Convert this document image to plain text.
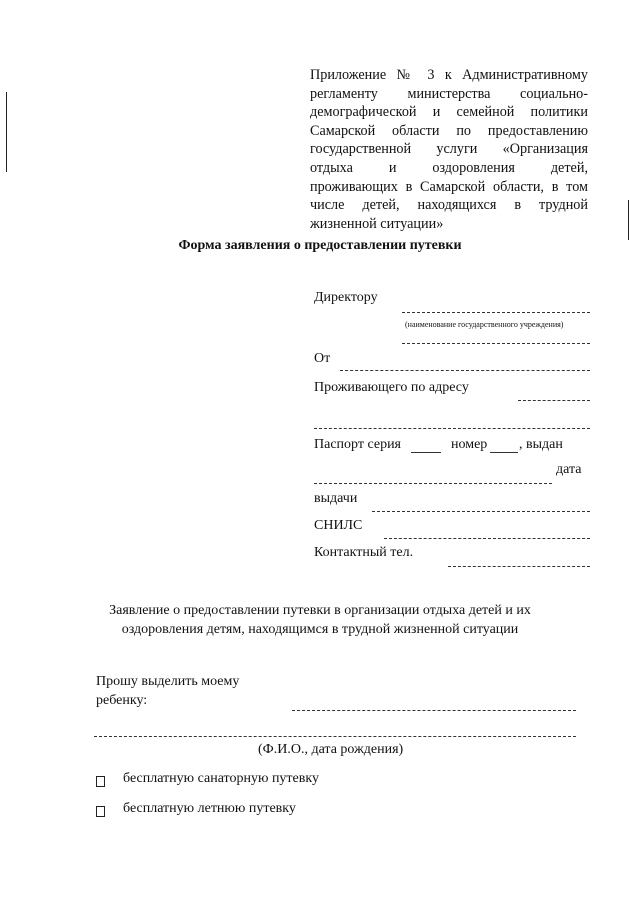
Приложение № 3 к Административному
регламенту министерства социально-
демографической и семейной политики
Самарской области по предоставлению
государственной услуги «Организация
отдыха и оздоровления детей,
проживающих в Самарской области, в том
числе детей, находящихся в трудной
жизненной ситуации»
Форма заявления о предоставлении путевки
Директору
(наименование государственного учреждения)
От
Проживающего по адресу
Паспорт серия	номер , выдан
дата
выдачи
СНИЛС
Контактный тел.
Заявление о предоставлении путевки в организации отдыха детей и их
оздоровления детям, находящимся в трудной жизненной ситуации
Прошу выделить моему
ребенку:
(Ф.И.О., дата рождения)
бесплатную санаторную путевку
бесплатную летнюю путевку
